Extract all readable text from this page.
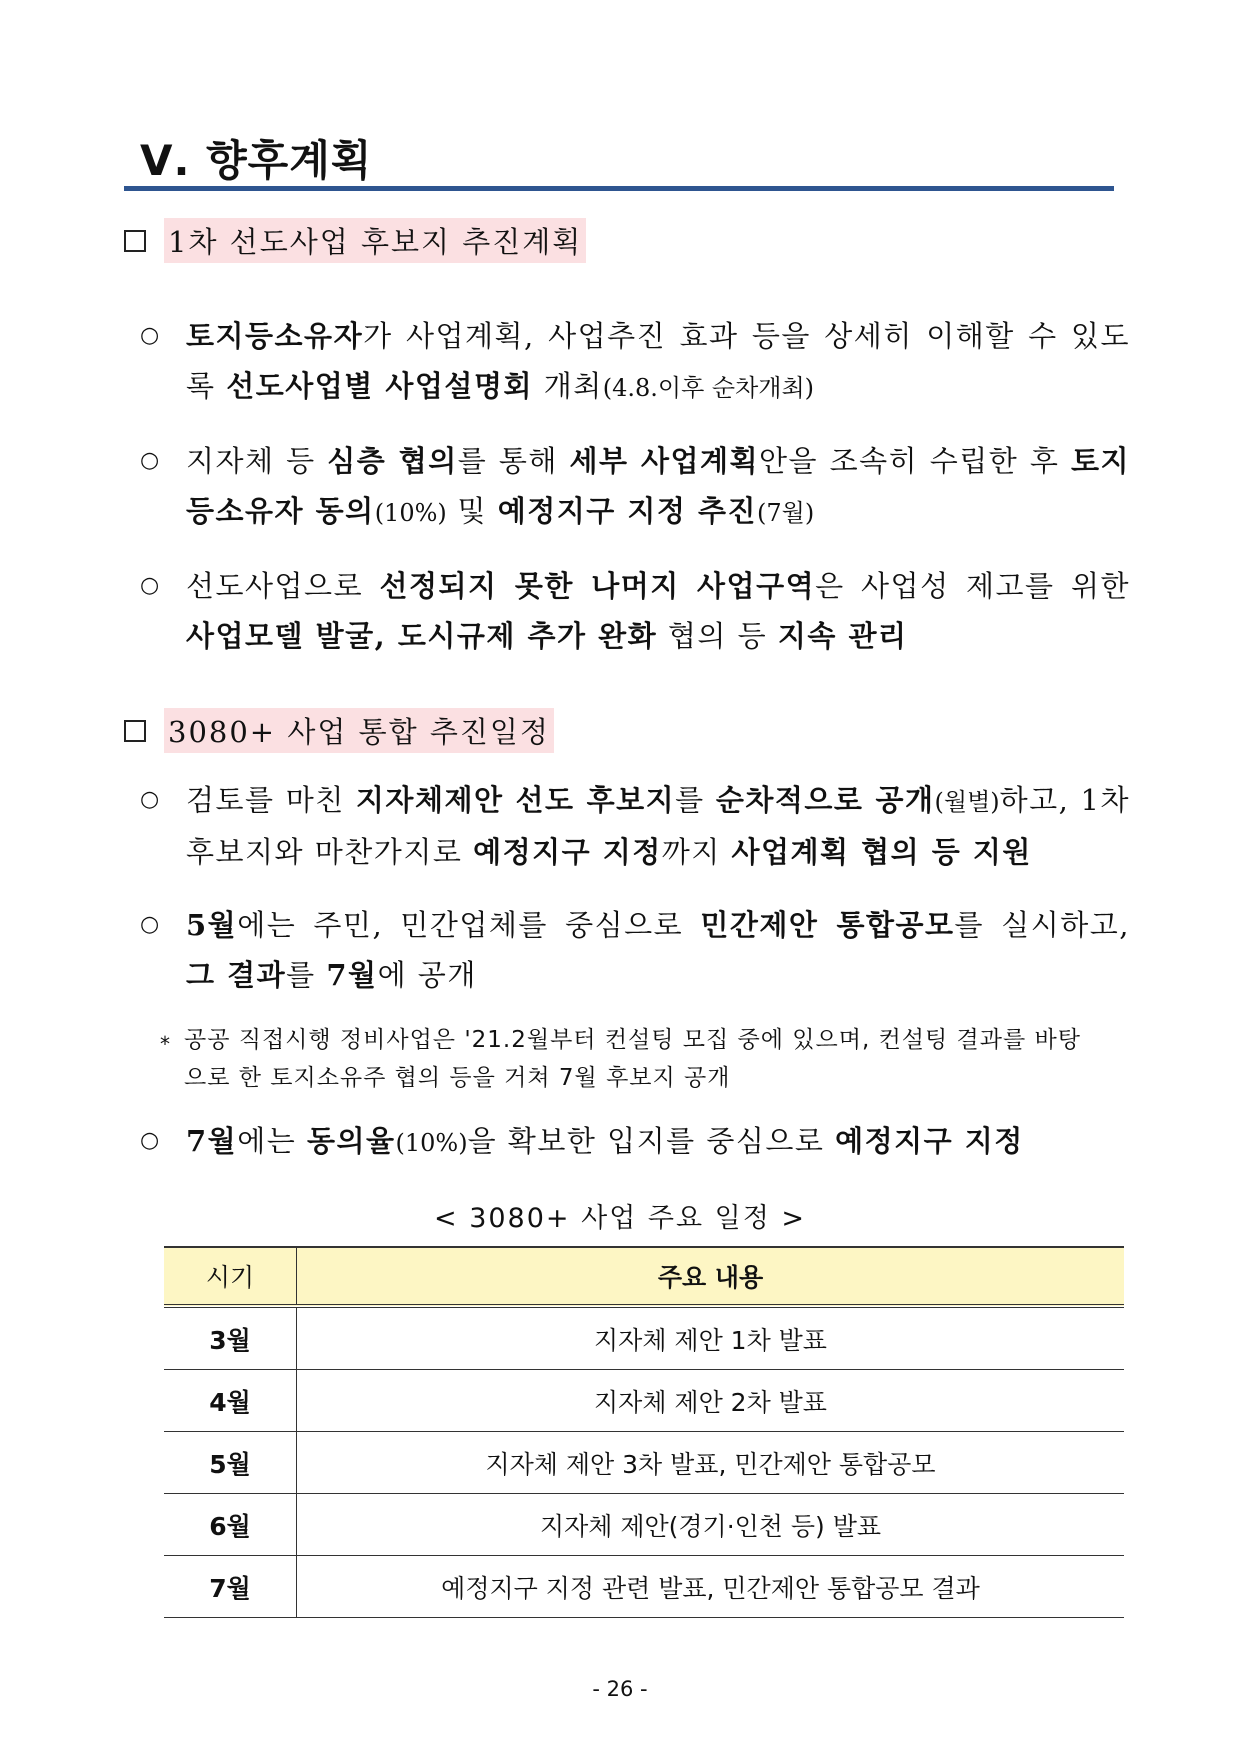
Ⅴ. 향후계획
1차 선도사업 후보지 추진계획
○ 토지등소유자가 사업계획, 사업추진 효과 등을 상세히 이해할 수 있도록 선도사업별 사업설명회 개최(4.8.이후 순차개최)
○ 지자체 등 심층 협의를 통해 세부 사업계획안을 조속히 수립한 후 토지등소유자 동의(10%) 및 예정지구 지정 추진(7월)
○ 선도사업으로 선정되지 못한 나머지 사업구역은 사업성 제고를 위한 사업모델 발굴, 도시규제 추가 완화 협의 등 지속 관리
3080+ 사업 통합 추진일정
○ 검토를 마친 지자체제안 선도 후보지를 순차적으로 공개(월별)하고, 1차 후보지와 마찬가지로 예정지구 지정까지 사업계획 협의 등 지원
○ 5월에는 주민, 민간업체를 중심으로 민간제안 통합공모를 실시하고, 그 결과를 7월에 공개
* 공공 직접시행 정비사업은 '21.2월부터 컨설팅 모집 중에 있으며, 컨설팅 결과를 바탕으로 한 토지소유주 협의 등을 거쳐 7월 후보지 공개
○ 7월에는 동의율(10%)을 확보한 입지를 중심으로 예정지구 지정
< 3080+ 사업 주요 일정 >
시기	주요 내용
3월	지자체 제안 1차 발표
4월	지자체 제안 2차 발표
5월	지자체 제안 3차 발표, 민간제안 통합공모
6월	지자체 제안(경기·인천 등) 발표
7월	예정지구 지정 관련 발표, 민간제안 통합공모 결과
- 26 -
